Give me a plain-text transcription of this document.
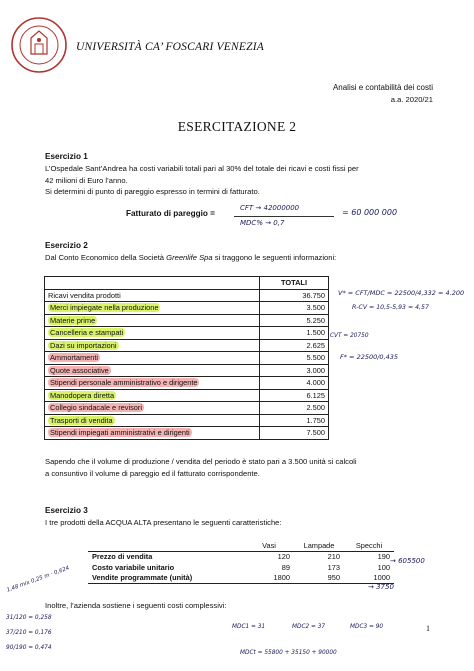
UNIVERSITÀ CA’ FOSCARI VENEZIA
Analisi e contabilità dei costi
a.a. 2020/21
ESERCITAZIONE 2
Esercizio 1
L’Ospedale Sant’Andrea ha costi variabili totali pari al 30% del totale dei ricavi e costi fissi per
42 milioni di Euro l’anno.
Si determini di punto di pareggio espresso in termini di fatturato.
Fatturato di pareggio =
CFT → 42000000
MDC% → 0,7
= 60 000 000
Esercizio 2
Dal Conto Economico della Società Greenlife Spa si traggono le seguenti informazioni:
	TOTALI
Ricavi vendita prodotti	36.750
Merci impiegate nella produzione	3.500
Materie prime	5.250
Cancelleria e stampati	1.500
Dazi su importazioni	2.625
Ammortamenti	5.500
Quote associative	3.000
Stipendi personale amministrativo e dirigente	4.000
Manodopera diretta	6.125
Collegio sindacale e revisori	2.500
Trasporti di vendita	1.750
Stipendi impiegati amministrativi e dirigenti	7.500
V* = CFT/MDC = 22500/4,332 = 4.200
R-CV = 10,5-5,93 = 4,57
CVT = 20750
F* = 22500/0,435
Sapendo che il volume di produzione / vendita del periodo è stato pari a 3.500 unità si calcoli
a consuntivo il volume di pareggio ed il fatturato corrispondente.
Esercizio 3
I tre prodotti della ACQUA ALTA presentano le seguenti caratteristiche:
	Vasi	Lampade	Specchi
Prezzo di vendita	120	210	190
Costo variabile unitario	89	173	100
Vendite programmate (unità)	1800	950	1000
→ 605500
→ 3750
1,48 mix 0,25 m · 0,624
31/120 = 0,258
37/210 = 0,176
90/190 = 0,474
Inoltre, l’azienda sostiene i seguenti costi complessivi:
MDC1 = 31	MDC2 = 37	MDC3 = 90
MDCt = 55800 + 35150 + 90000
1
